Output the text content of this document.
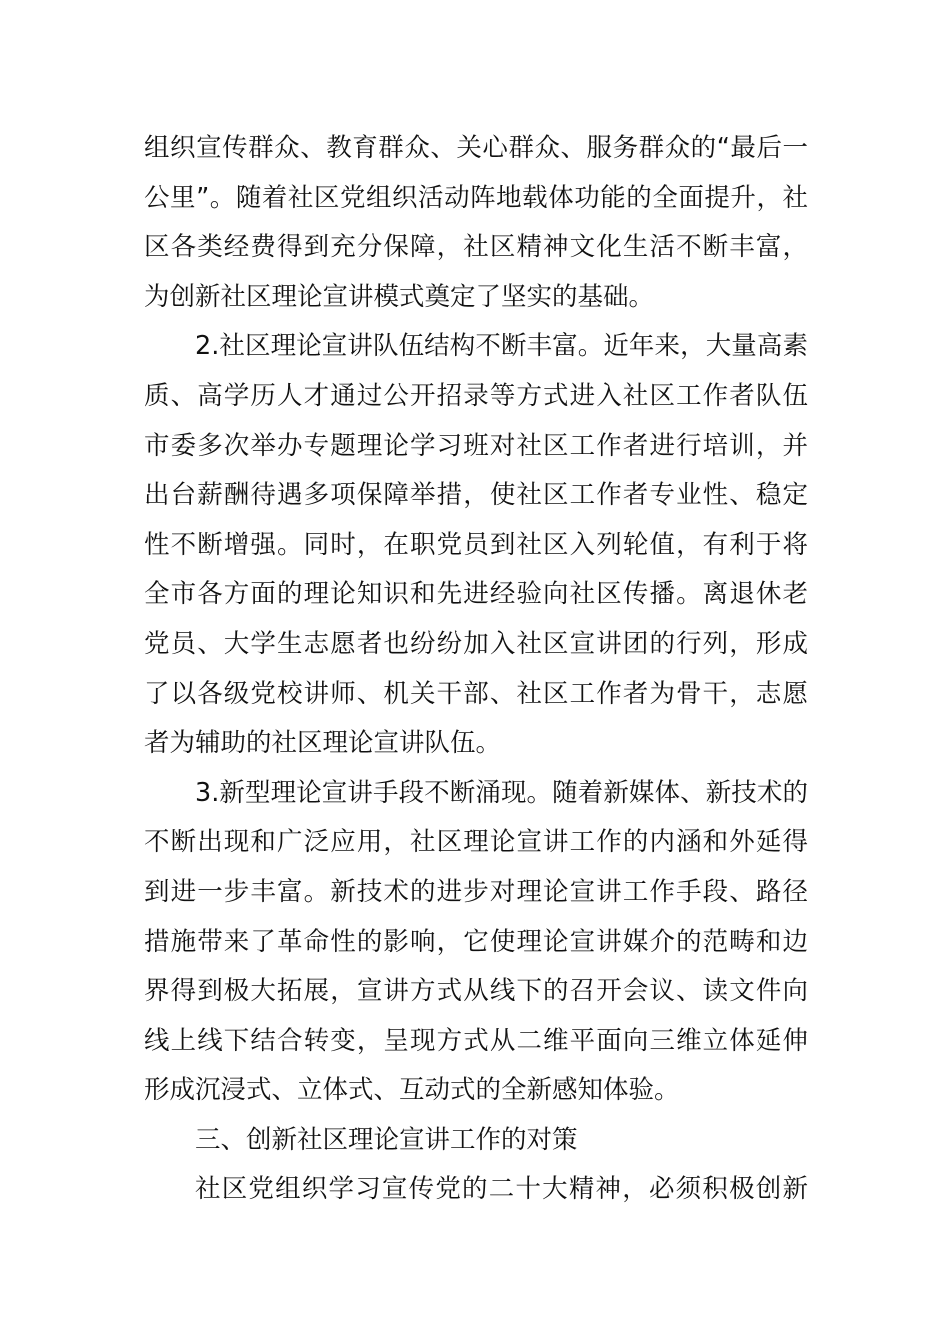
组织宣传群众、教育群众、关心群众、服务群众的“最后一
公里”。随着社区党组织活动阵地载体功能的全面提升，社
区各类经费得到充分保障，社区精神文化生活不断丰富，
为创新社区理论宣讲模式奠定了坚实的基础。
2.社区理论宣讲队伍结构不断丰富。近年来，大量高素
质、高学历人才通过公开招录等方式进入社区工作者队伍
市委多次举办专题理论学习班对社区工作者进行培训，并
出台薪酬待遇多项保障举措，使社区工作者专业性、稳定
性不断增强。同时，在职党员到社区入列轮值，有利于将
全市各方面的理论知识和先进经验向社区传播。离退休老
党员、大学生志愿者也纷纷加入社区宣讲团的行列，形成
了以各级党校讲师、机关干部、社区工作者为骨干，志愿
者为辅助的社区理论宣讲队伍。
3.新型理论宣讲手段不断涌现。随着新媒体、新技术的
不断出现和广泛应用，社区理论宣讲工作的内涵和外延得
到进一步丰富。新技术的进步对理论宣讲工作手段、路径
措施带来了革命性的影响，它使理论宣讲媒介的范畴和边
界得到极大拓展，宣讲方式从线下的召开会议、读文件向
线上线下结合转变，呈现方式从二维平面向三维立体延伸
形成沉浸式、立体式、互动式的全新感知体验。
三、创新社区理论宣讲工作的对策
社区党组织学习宣传党的二十大精神，必须积极创新
